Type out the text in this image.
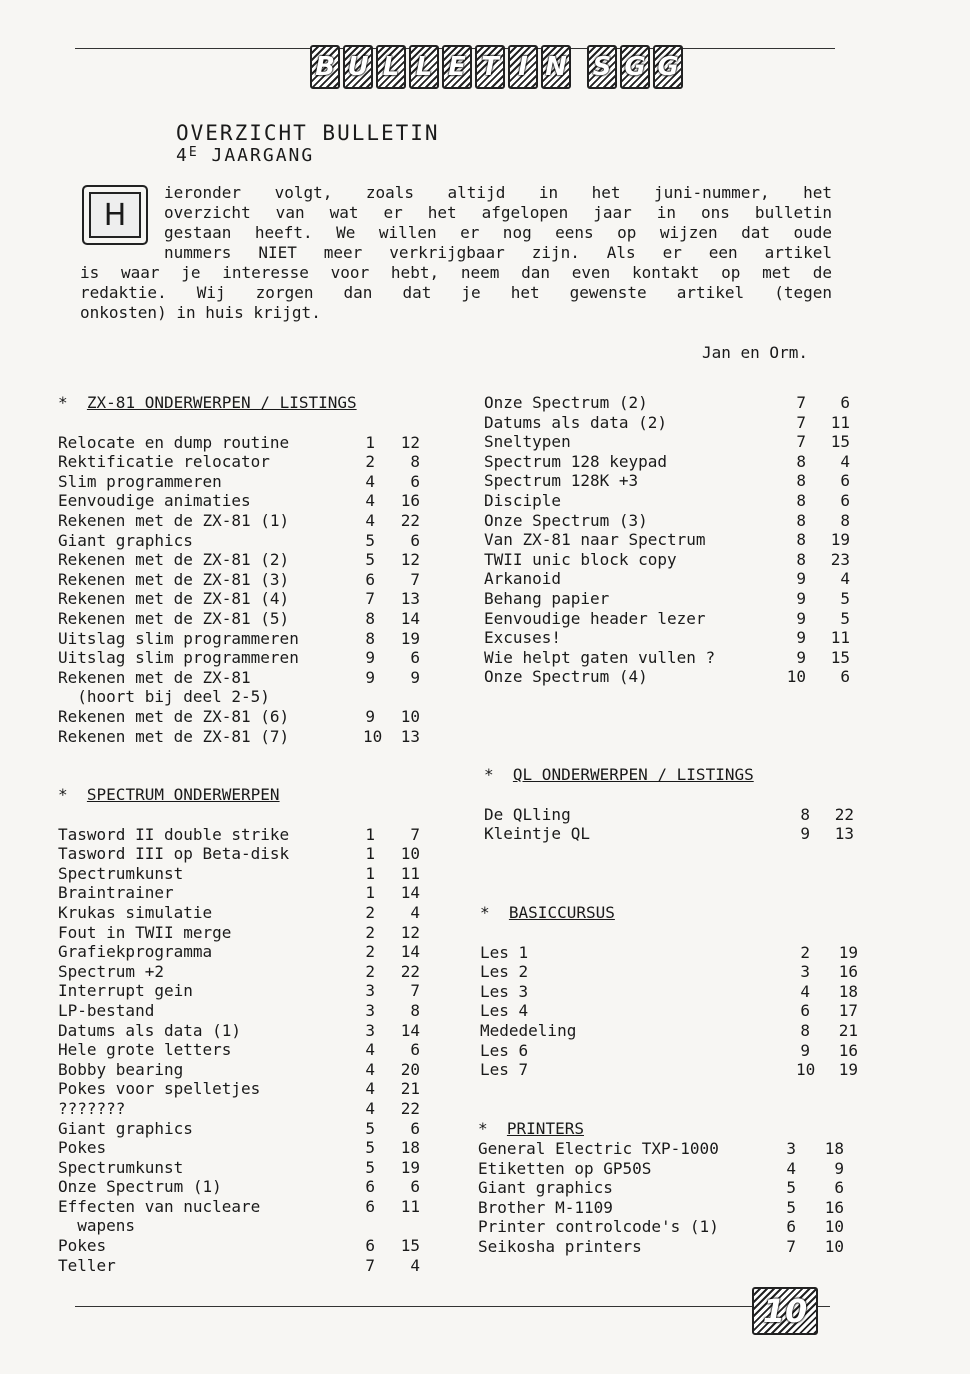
B U L L E T I N S G G
OVERZICHT BULLETIN
$4^E$ JAARGANG
H
ieronder volgt, zoals altijd in het juni-nummer, het
overzicht van wat er het afgelopen jaar in ons bulletin
gestaan heeft. We willen er nog eens op wijzen dat oude
nummers NIET meer verkrijgbaar zijn. Als er een artikel
is waar je interesse voor hebt, neem dan even kontakt op met de
redaktie. Wij zorgen dan dat je het gewenste artikel (tegen
onkosten) in huis krijgt.
Jan en Orm.
* ZX-81 ONDERWERPEN / LISTINGS
Relocate en dump routine	1	12
Rektificatie relocator	2	8
Slim programmeren	4	6
Eenvoudige animaties	4	16
Rekenen met de ZX-81 (1)	4	22
Giant graphics	5	6
Rekenen met de ZX-81 (2)	5	12
Rekenen met de ZX-81 (3)	6	7
Rekenen met de ZX-81 (4)	7	13
Rekenen met de ZX-81 (5)	8	14
Uitslag slim programmeren	8	19
Uitslag slim programmeren	9	6
Rekenen met de ZX-81	9	9
(hoort bij deel 2-5)
Rekenen met de ZX-81 (6)	9	10
Rekenen met de ZX-81 (7)	10	13
* SPECTRUM ONDERWERPEN
Tasword II double strike	1	7
Tasword III op Beta-disk	1	10
Spectrumkunst	1	11
Braintrainer	1	14
Krukas simulatie	2	4
Fout in TWII merge	2	12
Grafiekprogramma	2	14
Spectrum +2	2	22
Interrupt gein	3	7
LP-bestand	3	8
Datums als data (1)	3	14
Hele grote letters	4	6
Bobby bearing	4	20
Pokes voor spelletjes	4	21
???????	4	22
Giant graphics	5	6
Pokes	5	18
Spectrumkunst	5	19
Onze Spectrum (1)	6	6
Effecten van nucleare	6	11
wapens
Pokes	6	15
Teller	7	4
Onze Spectrum (2)	7	6
Datums als data (2)	7	11
Sneltypen	7	15
Spectrum 128 keypad	8	4
Spectrum 128K +3	8	6
Disciple	8	6
Onze Spectrum (3)	8	8
Van ZX-81 naar Spectrum	8	19
TWII unic block copy	8	23
Arkanoid	9	4
Behang papier	9	5
Eenvoudige header lezer	9	5
Excuses!	9	11
Wie helpt gaten vullen ?	9	15
Onze Spectrum (4)	10	6
* QL ONDERWERPEN / LISTINGS
De QLling	8	22
Kleintje QL	9	13
* BASICCURSUS
Les 1	2	19
Les 2	3	16
Les 3	4	18
Les 4	6	17
Mededeling	8	21
Les 6	9	16
Les 7	10	19
* PRINTERS
General Electric TXP-1000	3	18
Etiketten op GP50S	4	9
Giant graphics	5	6
Brother M-1109	5	16
Printer controlcode's (1)	6	10
Seikosha printers	7	10
10
